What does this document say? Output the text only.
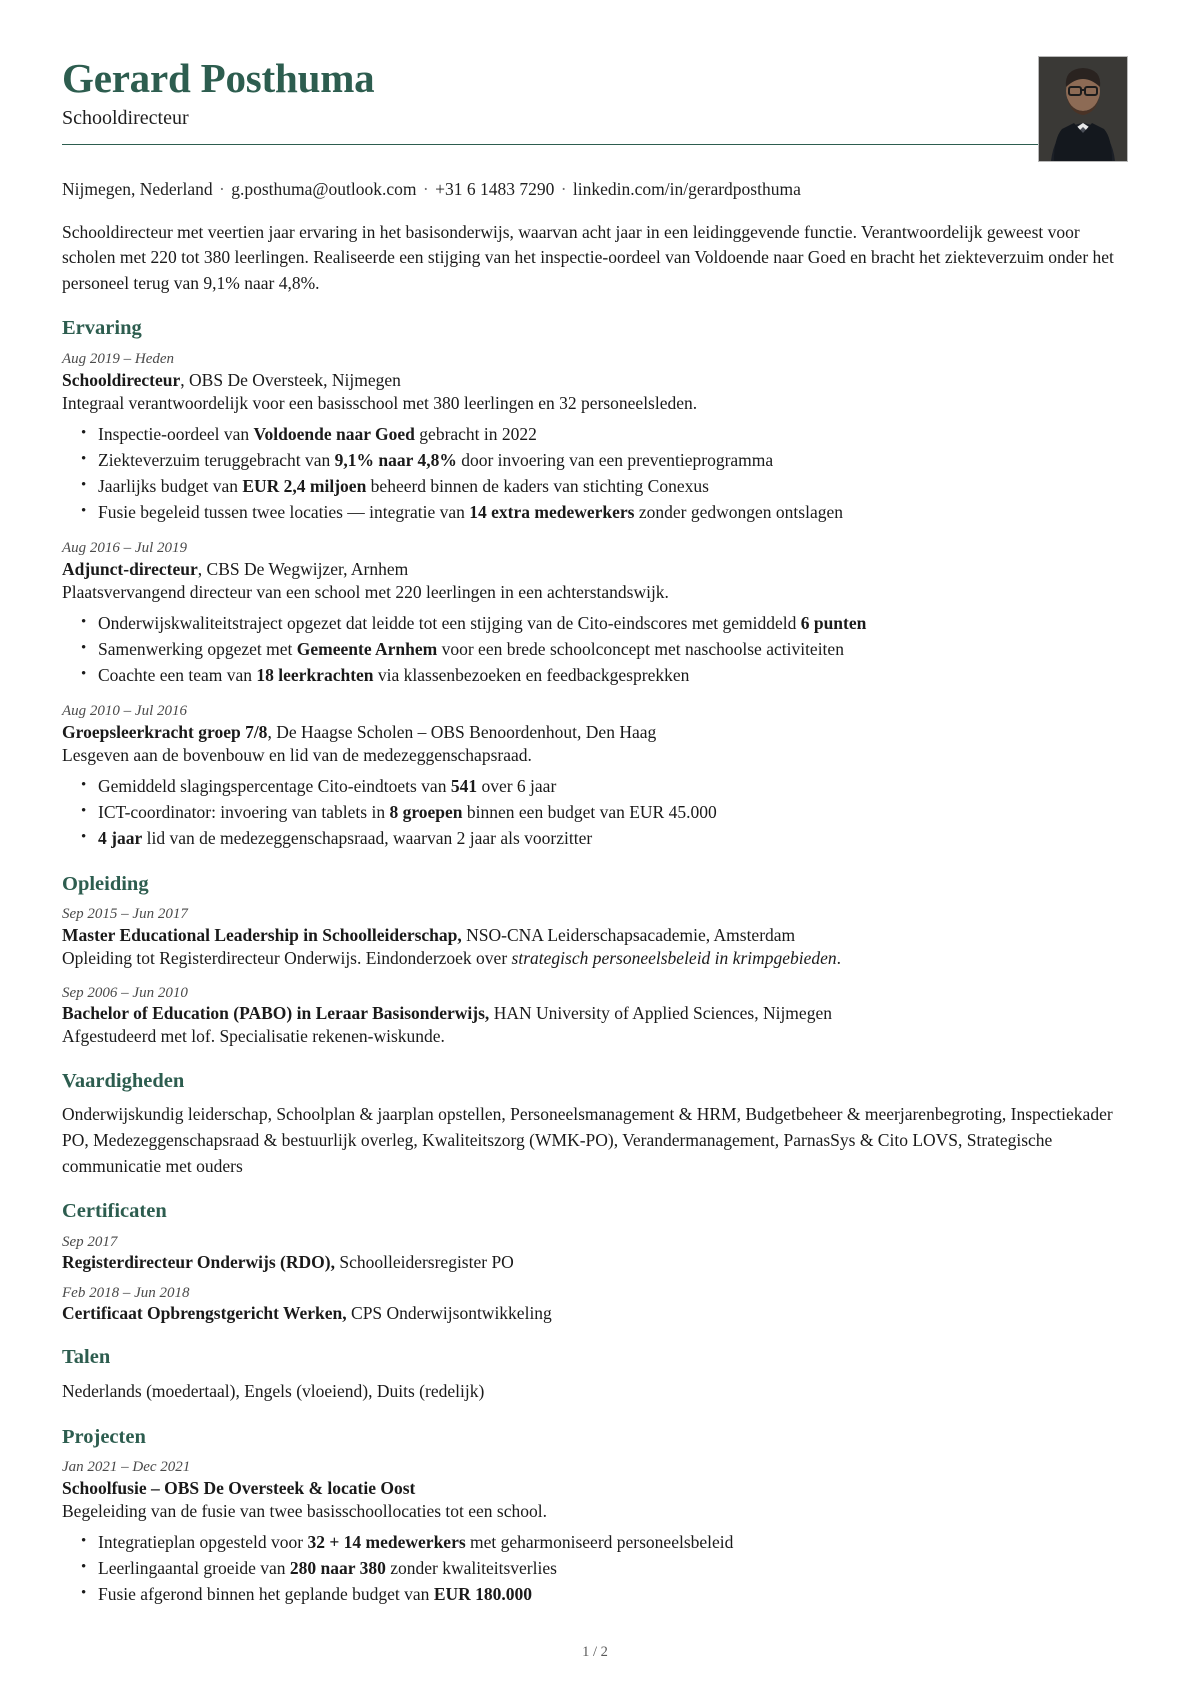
Gerard Posthuma
Schooldirecteur
Nijmegen, Nederland · g.posthuma@outlook.com · +31 6 1483 7290 · linkedin.com/in/gerardposthuma
Schooldirecteur met veertien jaar ervaring in het basisonderwijs, waarvan acht jaar in een leidinggevende functie. Verantwoordelijk geweest voor scholen met 220 tot 380 leerlingen. Realiseerde een stijging van het inspectie-oordeel van Voldoende naar Goed en bracht het ziekteverzuim onder het personeel terug van 9,1% naar 4,8%.
Ervaring
Aug 2019 – Heden
Schooldirecteur, OBS De Oversteek, Nijmegen
Integraal verantwoordelijk voor een basisschool met 380 leerlingen en 32 personeelsleden.
• Inspectie-oordeel van Voldoende naar Goed gebracht in 2022
• Ziekteverzuim teruggebracht van 9,1% naar 4,8% door invoering van een preventieprogramma
• Jaarlijks budget van EUR 2,4 miljoen beheerd binnen de kaders van stichting Conexus
• Fusie begeleid tussen twee locaties — integratie van 14 extra medewerkers zonder gedwongen ontslagen
Aug 2016 – Jul 2019
Adjunct-directeur, CBS De Wegwijzer, Arnhem
Plaatsvervangend directeur van een school met 220 leerlingen in een achterstandswijk.
• Onderwijskwaliteitstraject opgezet dat leidde tot een stijging van de Cito-eindscores met gemiddeld 6 punten
• Samenwerking opgezet met Gemeente Arnhem voor een brede schoolconcept met naschoolse activiteiten
• Coachte een team van 18 leerkrachten via klassenbezoeken en feedbackgesprekken
Aug 2010 – Jul 2016
Groepsleerkracht groep 7/8, De Haagse Scholen – OBS Benoordenhout, Den Haag
Lesgeven aan de bovenbouw en lid van de medezeggenschapsraad.
• Gemiddeld slagingspercentage Cito-eindtoets van 541 over 6 jaar
• ICT-coordinator: invoering van tablets in 8 groepen binnen een budget van EUR 45.000
• 4 jaar lid van de medezeggenschapsraad, waarvan 2 jaar als voorzitter
Opleiding
Sep 2015 – Jun 2017
Master Educational Leadership in Schoolleiderschap, NSO-CNA Leiderschapsacademie, Amsterdam
Opleiding tot Registerdirecteur Onderwijs. Eindonderzoek over strategisch personeelsbeleid in krimpgebieden.
Sep 2006 – Jun 2010
Bachelor of Education (PABO) in Leraar Basisonderwijs, HAN University of Applied Sciences, Nijmegen
Afgestudeerd met lof. Specialisatie rekenen-wiskunde.
Vaardigheden
Onderwijskundig leiderschap, Schoolplan & jaarplan opstellen, Personeelsmanagement & HRM, Budgetbeheer & meerjarenbegroting, Inspectiekader PO, Medezeggenschapsraad & bestuurlijk overleg, Kwaliteitszorg (WMK-PO), Verandermanagement, ParnasSys & Cito LOVS, Strategische communicatie met ouders
Certificaten
Sep 2017
Registerdirecteur Onderwijs (RDO), Schoolleidersregister PO
Feb 2018 – Jun 2018
Certificaat Opbrengstgericht Werken, CPS Onderwijsontwikkeling
Talen
Nederlands (moedertaal), Engels (vloeiend), Duits (redelijk)
Projecten
Jan 2021 – Dec 2021
Schoolfusie – OBS De Oversteek & locatie Oost
Begeleiding van de fusie van twee basisschoollocaties tot een school.
• Integratieplan opgesteld voor 32 + 14 medewerkers met geharmoniseerd personeelsbeleid
• Leerlingaantal groeide van 280 naar 380 zonder kwaliteitsverlies
• Fusie afgerond binnen het geplande budget van EUR 180.000
1 / 2
